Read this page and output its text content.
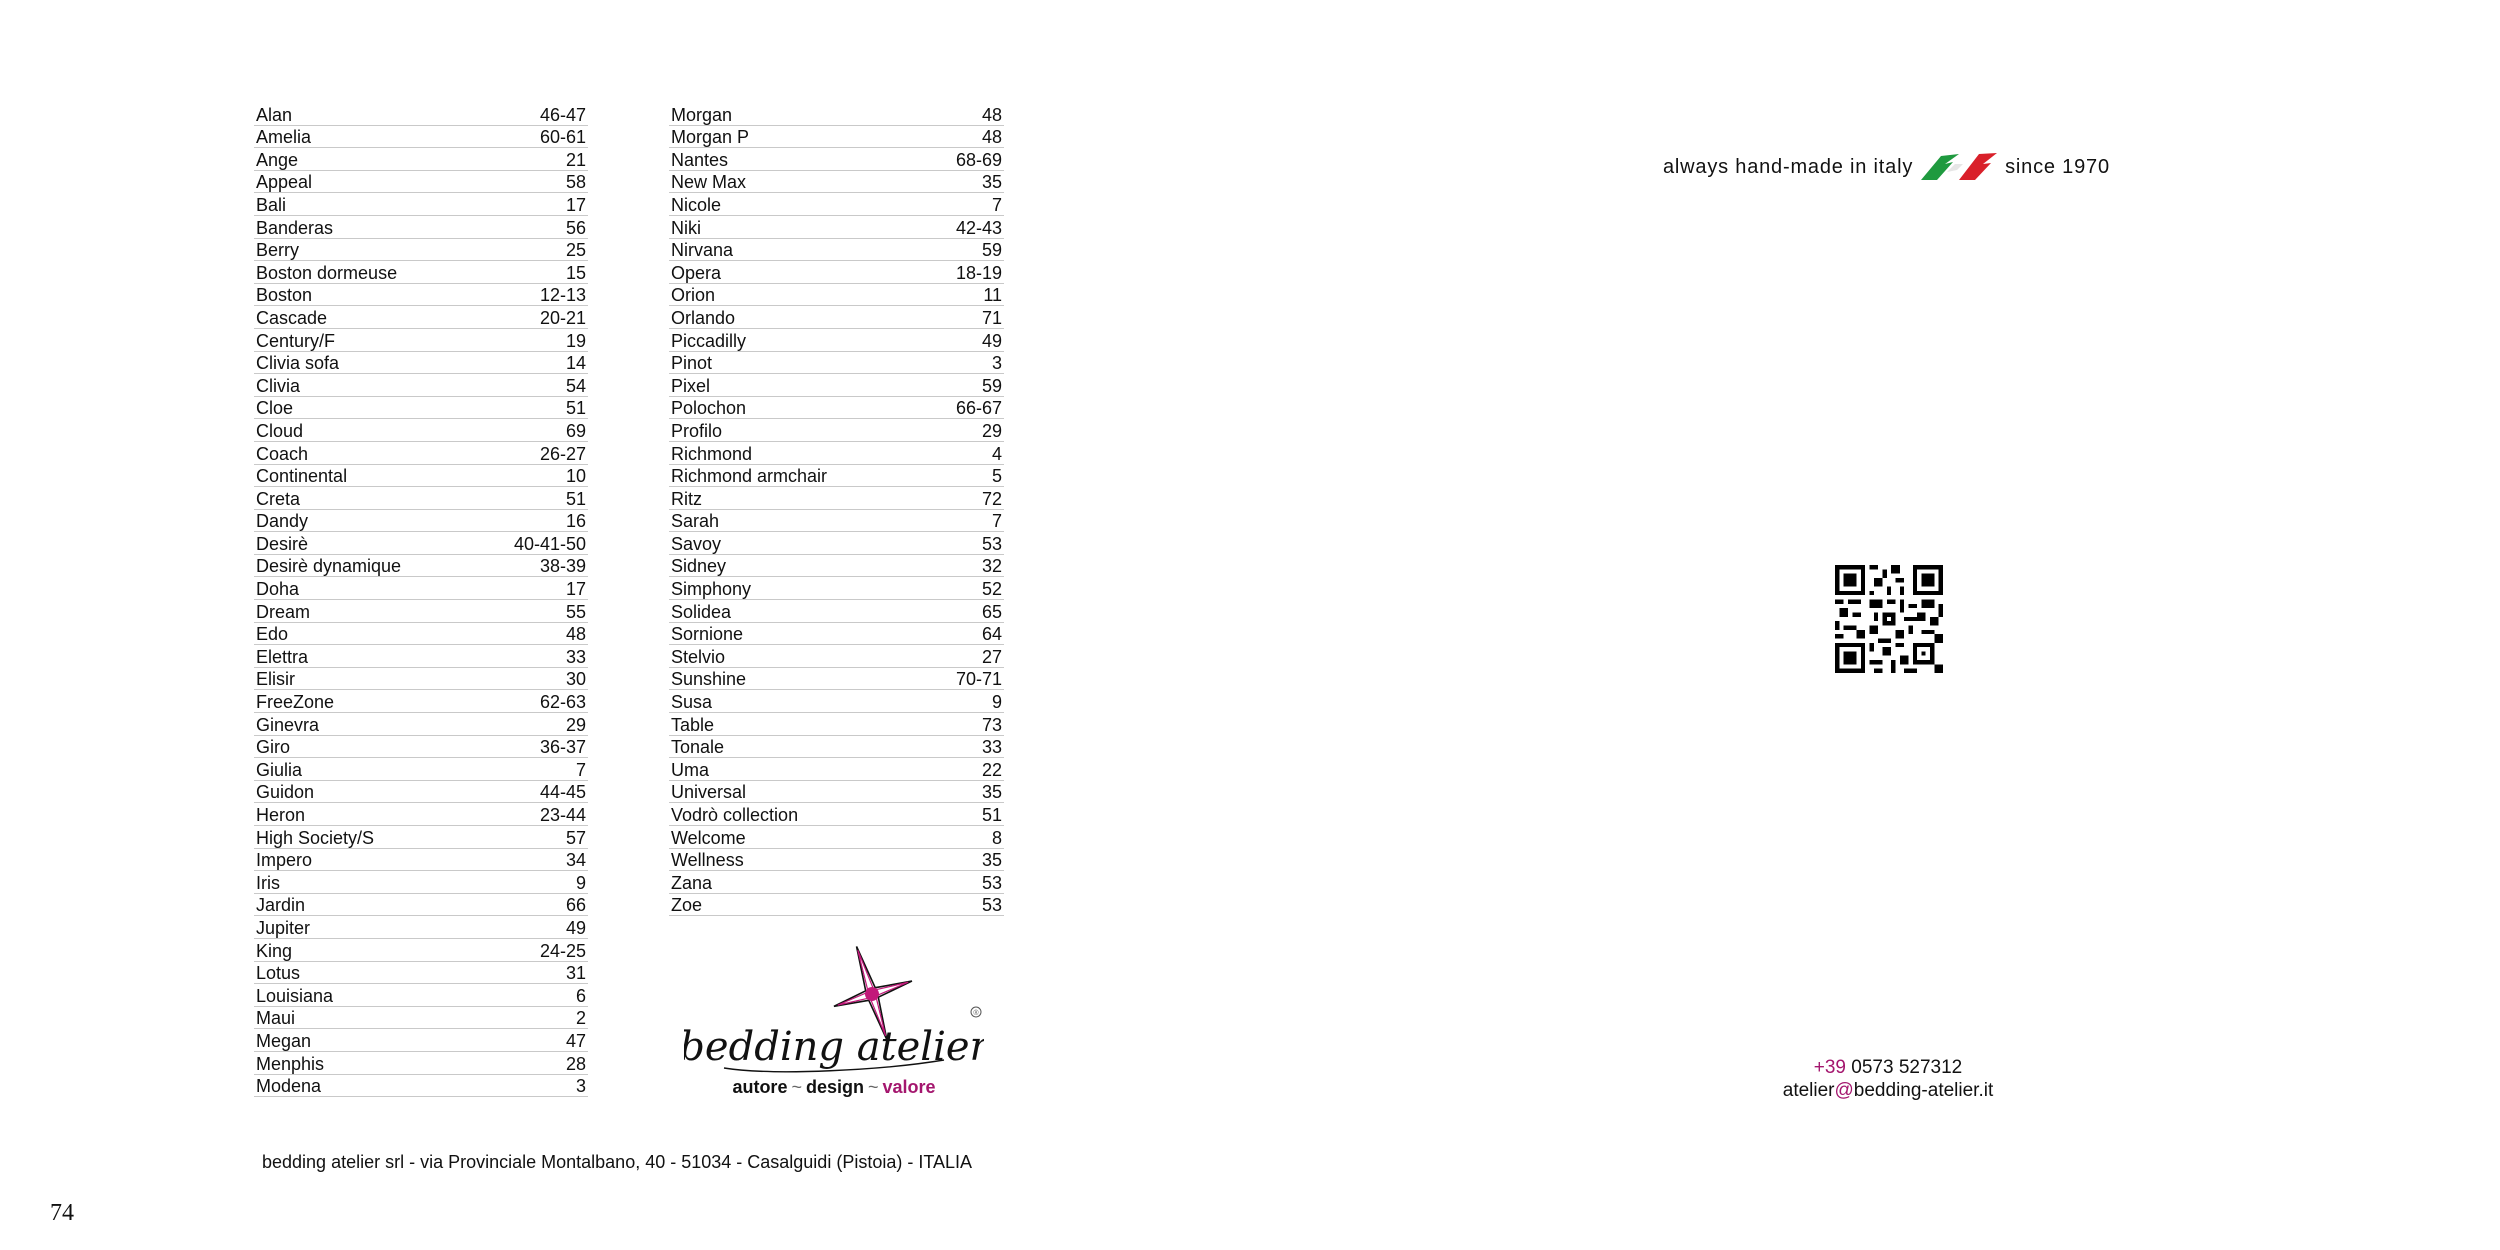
Alan	46-47
Amelia	60-61
Ange	21
Appeal	58
Bali	17
Banderas	56
Berry	25
Boston dormeuse	15
Boston	12-13
Cascade	20-21
Century/F	19
Clivia sofa	14
Clivia	54
Cloe	51
Cloud	69
Coach	26-27
Continental	10
Creta	51
Dandy	16
Desirè	40-41-50
Desirè dynamique	38-39
Doha	17
Dream	55
Edo	48
Elettra	33
Elisir	30
FreeZone	62-63
Ginevra	29
Giro	36-37
Giulia	7
Guidon	44-45
Heron	23-44
High Society/S	57
Impero	34
Iris	9
Jardin	66
Jupiter	49
King	24-25
Lotus	31
Louisiana	6
Maui	2
Megan	47
Menphis	28
Modena	3
Morgan	48
Morgan P	48
Nantes	68-69
New Max	35
Nicole	7
Niki	42-43
Nirvana	59
Opera	18-19
Orion	11
Orlando	71
Piccadilly	49
Pinot	3
Pixel	59
Polochon	66-67
Profilo	29
Richmond	4
Richmond armchair	5
Ritz	72
Sarah	7
Savoy	53
Sidney	32
Simphony	52
Solidea	65
Sornione	64
Stelvio	27
Sunshine	70-71
Susa	9
Table	73
Tonale	33
Uma	22
Universal	35
Vodrò collection	51
Welcome	8
Wellness	35
Zana	53
Zoe	53
bedding atelier
®
autore ~ design ~ valore
bedding atelier srl - via Provinciale Montalbano, 40 - 51034 - Casalguidi (Pistoia) - ITALIA
74
always hand-made in italy	since 1970
+39 0573 527312
atelier@bedding-atelier.it
